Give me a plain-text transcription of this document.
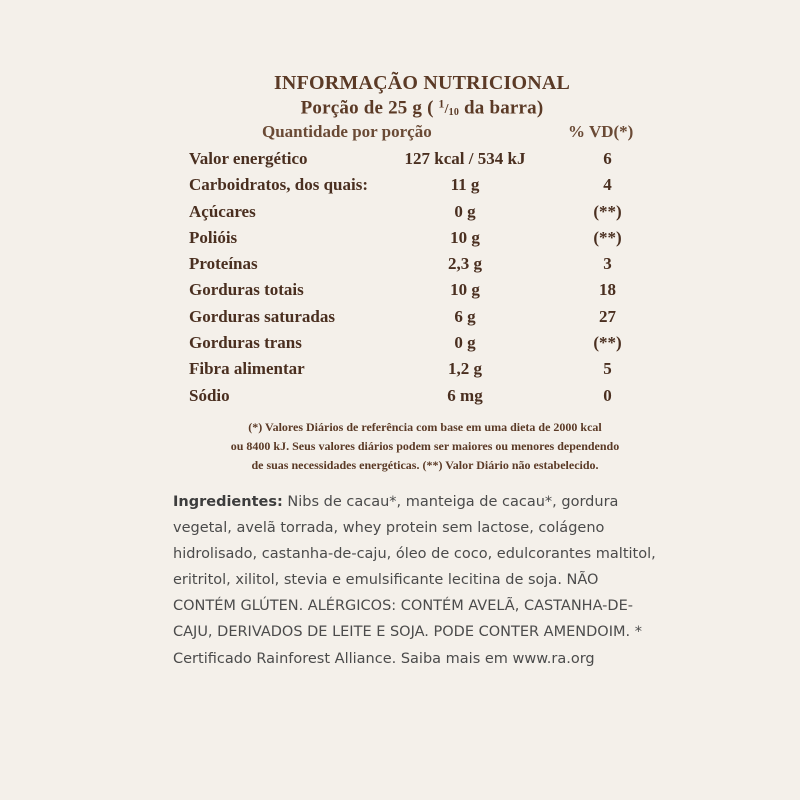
INFORMAÇÃO NUTRICIONAL
Porção de 25 g ( $^1/_{10}$ da barra)
Quantidade por porção	% VD(*)
Valor energético	127 kcal / 534 kJ	6
Carboidratos, dos quais:	11 g	4
Açúcares	0 g	(**)
Polióis	10 g	(**)
Proteínas	2,3 g	3
Gorduras totais	10 g	18
Gorduras saturadas	6 g	27
Gorduras trans	0 g	(**)
Fibra alimentar	1,2 g	5
Sódio	6 mg	0
(*) Valores Diários de referência com base em uma dieta de 2000 kcal
ou 8400 kJ. Seus valores diários podem ser maiores ou menores dependendo
de suas necessidades energéticas. (**) Valor Diário não estabelecido.
Ingredientes: Nibs de cacau*, manteiga de cacau*, gordura
vegetal, avelã torrada, whey protein sem lactose, colágeno
hidrolisado, castanha-de-caju, óleo de coco, edulcorantes maltitol,
eritritol, xilitol, stevia e emulsificante lecitina de soja. NÃO
CONTÉM GLÚTEN. ALÉRGICOS: CONTÉM AVELÃ, CASTANHA-DE-
CAJU, DERIVADOS DE LEITE E SOJA. PODE CONTER AMENDOIM. *
Certificado Rainforest Alliance. Saiba mais em www.ra.org
